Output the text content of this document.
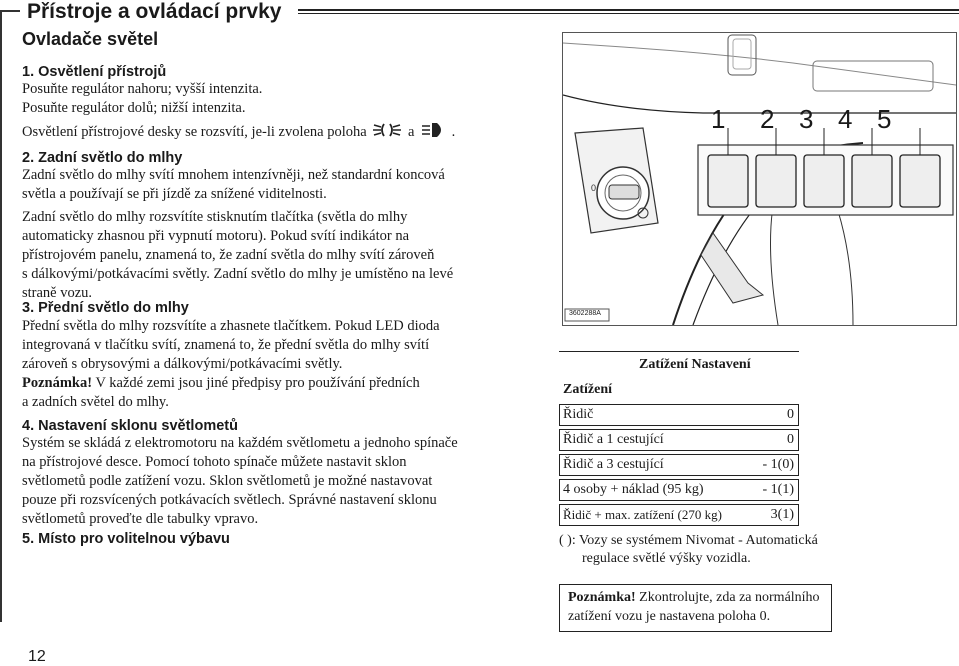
Přístroje a ovládací prvky
Ovladače světel
1. Osvětlení přístrojů
Posuňte regulátor nahoru; vyšší intenzita.
Posuňte regulátor dolů; nižší intenzita.
Osvětlení přístrojové desky se rozsvítí, je-li zvolena poloha	a	.
2. Zadní světlo do mlhy
Zadní světlo do mlhy svítí mnohem intenzívněji, než standardní koncová
světla a používají se při jízdě za snížené viditelnosti.
Zadní světlo do mlhy rozsvítíte stisknutím tlačítka (světla do mlhy
automaticky zhasnou při vypnutí motoru). Pokud svítí indikátor na
přístrojovém panelu, znamená to, že zadní světla do mlhy svítí zároveň
s dálkovými/potkávacími světly. Zadní světlo do mlhy je umístěno na levé
straně vozu.
3. Přední světlo do mlhy
Přední světla do mlhy rozsvítíte a zhasnete tlačítkem. Pokud LED dioda
integrovaná v tlačítku svítí, znamená to, že přední světla do mlhy svítí
zároveň s obrysovými a dálkovými/potkávacími světly.
Poznámka! V každé zemi jsou jiné předpisy pro používání předních
a zadních světel do mlhy.
4. Nastavení sklonu světlometů
Systém se skládá z elektromotoru na každém světlometu a jednoho spínače
na přístrojové desce. Pomocí tohoto spínače můžete nastavit sklon
světlometů podle zatížení vozu. Sklon světlometů je možné nastavovat
pouze při rozsvícených potkávacích světlech. Správné nastavení sklonu
světlometů proveďte dle tabulky vpravo.
5. Místo pro volitelnou výbavu
0
1 2 3 4 5
3602288A
Zatížení Nastavení
Zatížení
Řidič	0
Řidič a 1 cestující	0
Řidič a 3 cestující	- 1(0)
4 osoby + náklad (95 kg)	- 1(1)
Řidič + max. zatížení (270 kg)	3(1)
( ): Vozy se systémem Nivomat - Automatická
regulace světlé výšky vozidla.
Poznámka! Zkontrolujte, zda za normálního
zatížení vozu je nastavena poloha 0.
12
